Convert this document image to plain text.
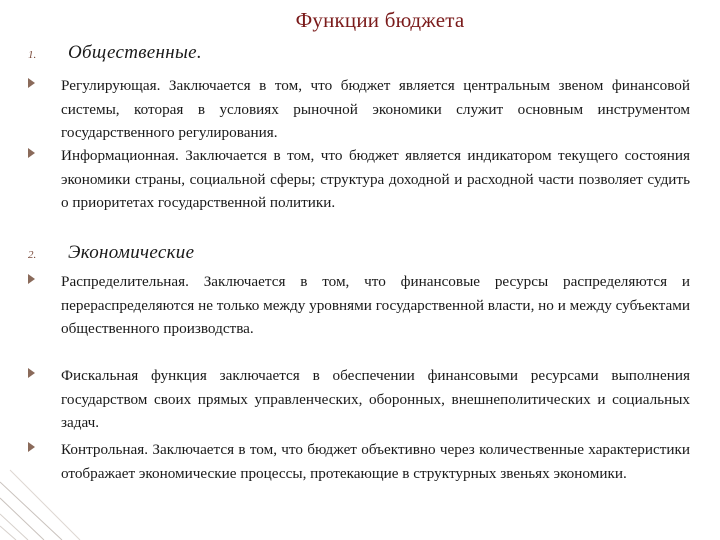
Функции бюджета
1.	Общественные.
Регулирующая. Заключается в том, что бюджет является центральным звеном финансовой системы, которая в условиях рыночной экономики служит основным инструментом государственного регулирования.
Информационная. Заключается в том, что бюджет является индикатором текущего состояния экономики страны, социальной сферы; структура доходной и расходной части позволяет судить о приоритетах государственной политики.
2.	Экономические
Распределительная. Заключается в том, что финансовые ресурсы распределяются и перераспределяются не только между уровнями государственной власти, но и между субъектами общественного производства.
Фискальная функция заключается в обеспечении финансовыми ресурсами выполнения государством своих прямых управленческих, оборонных, внешнеполитических и социальных задач.
Контрольная. Заключается в том, что бюджет объективно через количественные характеристики отображает экономические процессы, протекающие в структурных звеньях экономики.
